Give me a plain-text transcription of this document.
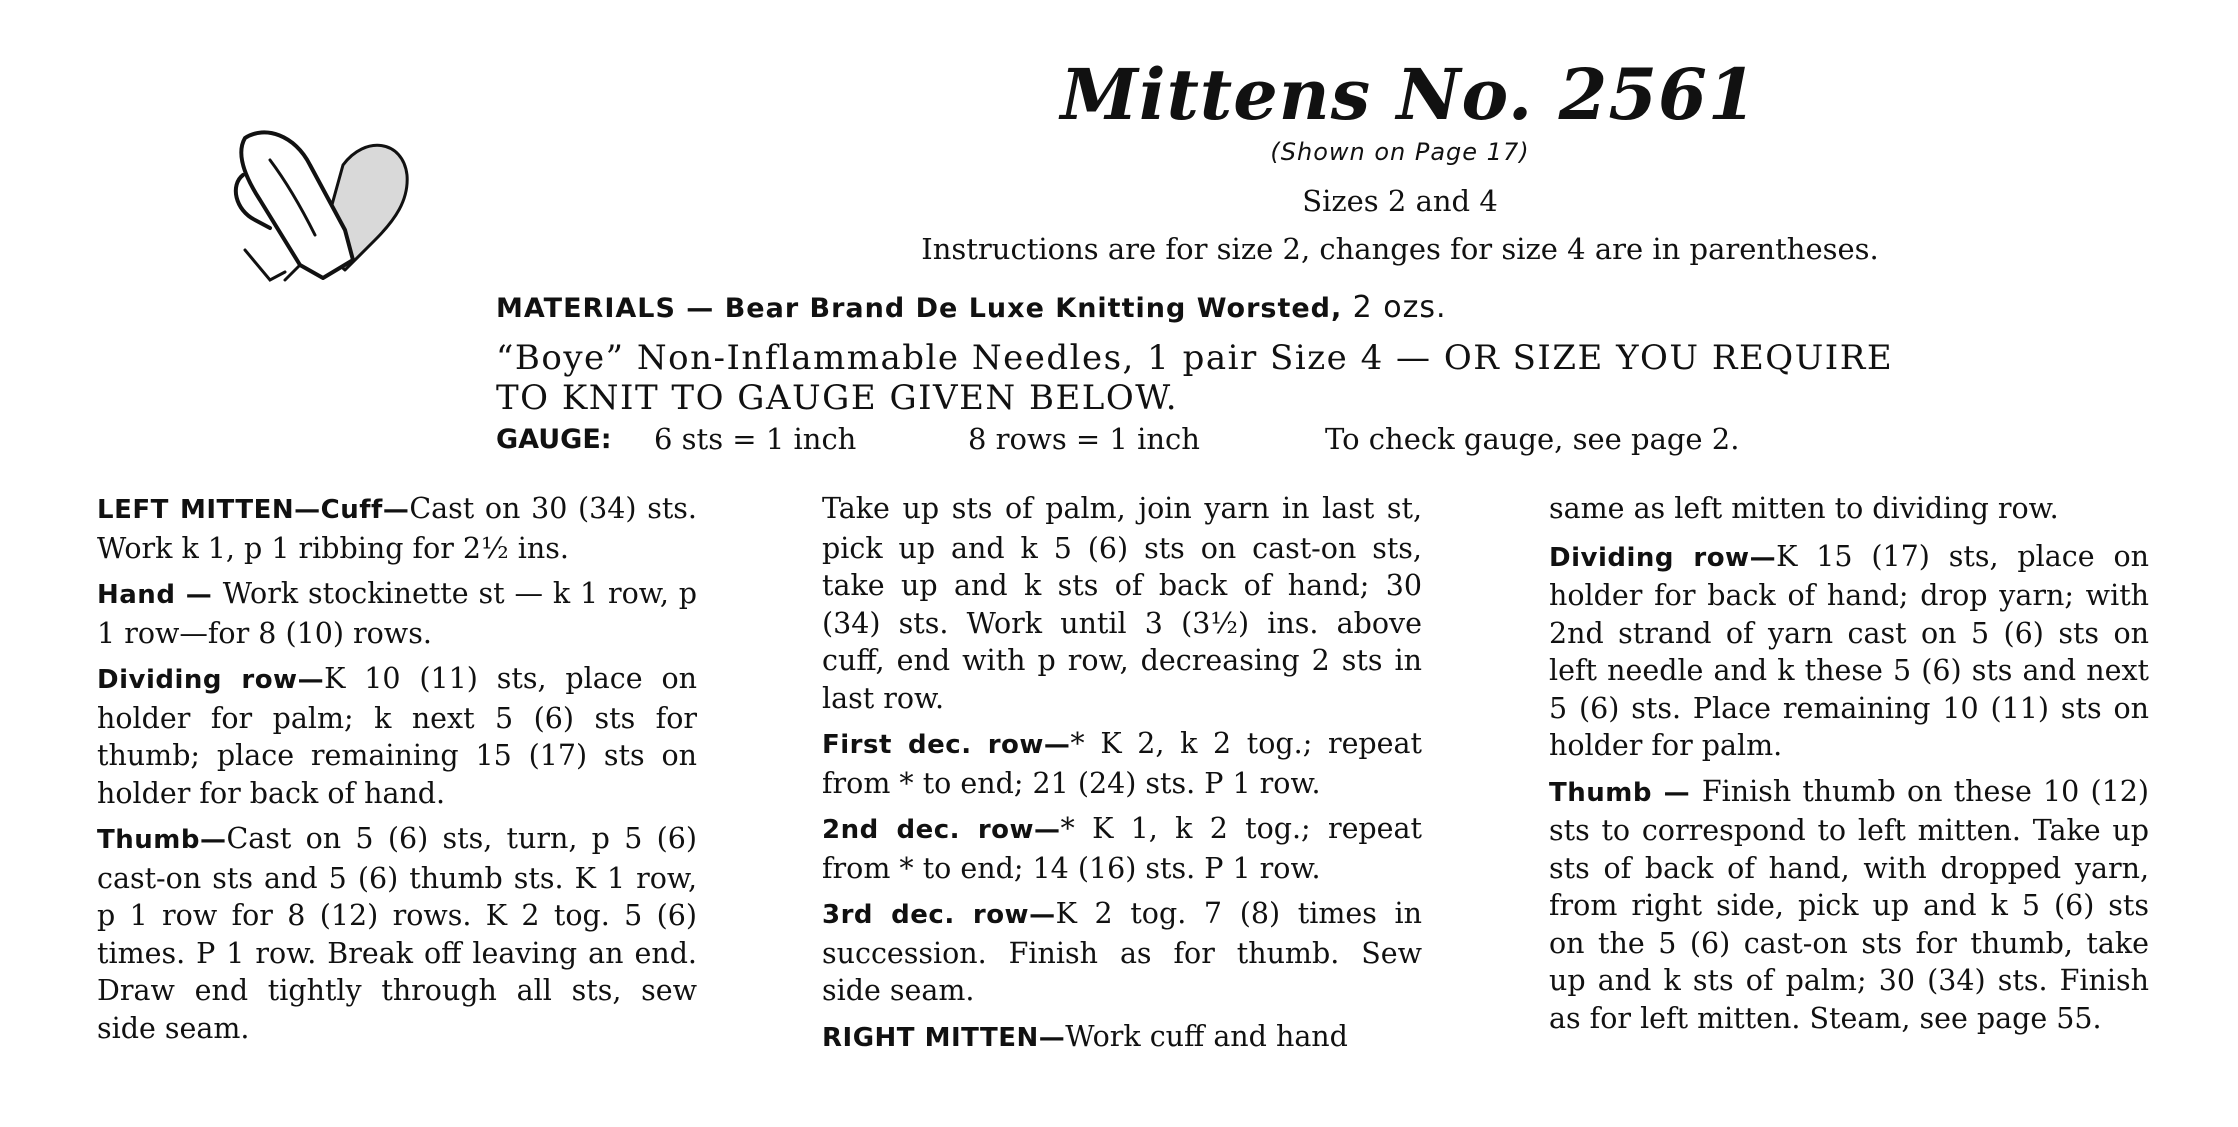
Mittens No. 2561
(Shown on Page 17)
Sizes 2 and 4
Instructions are for size 2, changes for size 4 are in parentheses.
MATERIALS — Bear Brand De Luxe Knitting Worsted, 2 ozs.
“Boye” Non-Inflammable Needles, 1 pair Size 4 — OR SIZE YOU REQUIRE
TO KNIT TO GAUGE GIVEN BELOW.
GAUGE: 6 sts = 1 inch	8 rows = 1 inch	To check gauge, see page 2.

LEFT MITTEN—Cuff—Cast on 30 (34) sts. Work k 1, p 1 ribbing for 2½ ins.

Hand — Work stockinette st — k 1 row, p 1 row—for 8 (10) rows.

Dividing row—K 10 (11) sts, place on holder for palm; k next 5 (6) sts for thumb; place remaining 15 (17) sts on holder for back of hand.

Thumb—Cast on 5 (6) sts, turn, p 5 (6) cast-on sts and 5 (6) thumb sts. K 1 row, p 1 row for 8 (12) rows. K 2 tog. 5 (6) times. P 1 row. Break off leaving an end. Draw end tightly through all sts, sew side seam.

Take up sts of palm, join yarn in last st, pick up and k 5 (6) sts on cast-on sts, take up and k sts of back of hand; 30 (34) sts. Work until 3 (3½) ins. above cuff, end with p row, decreasing 2 sts in last row.

First dec. row—* K 2, k 2 tog.; repeat from * to end; 21 (24) sts. P 1 row.

2nd dec. row—* K 1, k 2 tog.; repeat from * to end; 14 (16) sts. P 1 row.

3rd dec. row—K 2 tog. 7 (8) times in succession. Finish as for thumb. Sew side seam.

RIGHT MITTEN—Work cuff and hand

same as left mitten to dividing row.

Dividing row—K 15 (17) sts, place on holder for back of hand; drop yarn; with 2nd strand of yarn cast on 5 (6) sts on left needle and k these 5 (6) sts and next 5 (6) sts. Place remaining 10 (11) sts on holder for palm.

Thumb — Finish thumb on these 10 (12) sts to correspond to left mitten. Take up sts of back of hand, with dropped yarn, from right side, pick up and k 5 (6) sts on the 5 (6) cast-on sts for thumb, take up and k sts of palm; 30 (34) sts. Finish as for left mitten. Steam, see page 55.
